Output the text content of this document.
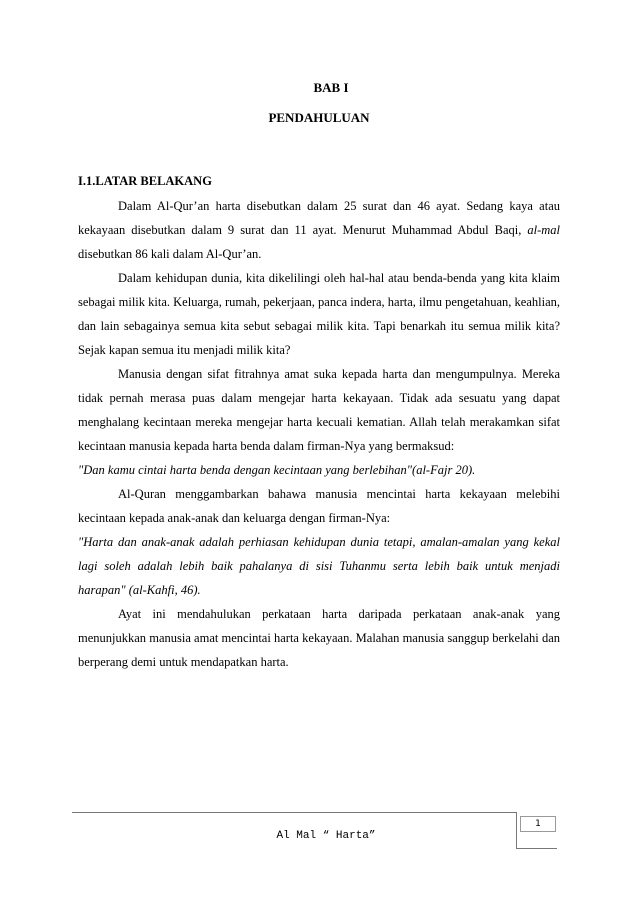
BAB I
PENDAHULUAN
I.1.LATAR BELAKANG

Dalam Al-Qur’an harta disebutkan dalam 25 surat dan 46 ayat. Sedang kaya atau kekayaan disebutkan dalam 9 surat dan 11 ayat. Menurut Muhammad Abdul Baqi, al-mal disebutkan 86 kali dalam Al-Qur’an.

Dalam kehidupan dunia, kita dikelilingi oleh hal-hal atau benda-benda yang kita klaim sebagai milik kita. Keluarga, rumah, pekerjaan, panca indera, harta, ilmu pengetahuan, keahlian, dan lain sebagainya semua kita sebut sebagai milik kita. Tapi benarkah itu semua milik kita? Sejak kapan semua itu menjadi milik kita?

Manusia dengan sifat fitrahnya amat suka kepada harta dan mengumpulnya. Mereka tidak pernah merasa puas dalam mengejar harta kekayaan. Tidak ada sesuatu yang dapat menghalang kecintaan mereka mengejar harta kecuali kematian. Allah telah merakamkan sifat kecintaan manusia kepada harta benda dalam firman-Nya yang bermaksud:

"Dan kamu cintai harta benda dengan kecintaan yang berlebihan"(al-Fajr 20).

Al-Quran menggambarkan bahawa manusia mencintai harta kekayaan melebihi kecintaan kepada anak-anak dan keluarga dengan firman-Nya:

"Harta dan anak-anak adalah perhiasan kehidupan dunia tetapi, amalan-amalan yang kekal lagi soleh adalah lebih baik pahalanya di sisi Tuhanmu serta lebih baik untuk menjadi harapan" (al-Kahfi, 46).

Ayat ini mendahulukan perkataan harta daripada perkataan anak-anak yang menunjukkan manusia amat mencintai harta kekayaan. Malahan manusia sanggup berkelahi dan berperang demi untuk mendapatkan harta.

1
Al Mal “ Harta”
